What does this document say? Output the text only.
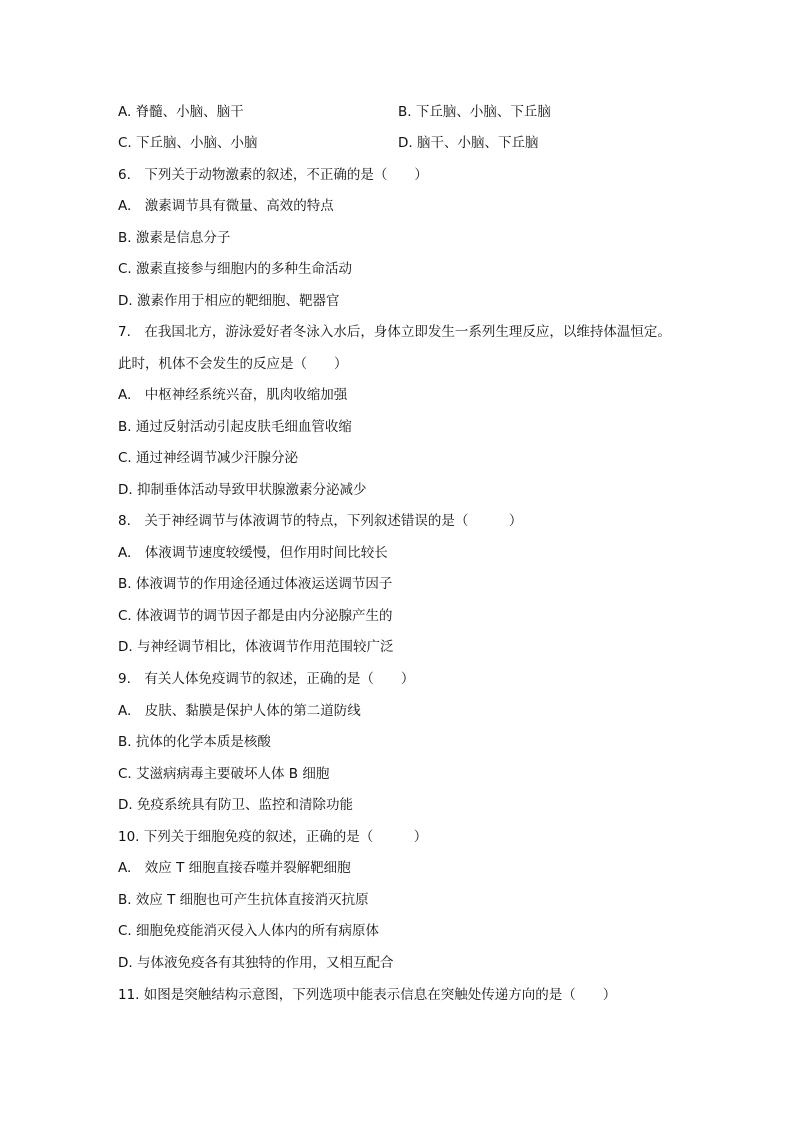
A. 脊髓、小脑、脑干	B. 下丘脑、小脑、下丘脑
C. 下丘脑、小脑、小脑	D. 脑干、小脑、下丘脑
6.　下列关于动物激素的叙述，不正确的是（　　）
A.　激素调节具有微量、高效的特点
B. 激素是信息分子
C. 激素直接参与细胞内的多种生命活动
D. 激素作用于相应的靶细胞、靶器官
7.　在我国北方，游泳爱好者冬泳入水后，身体立即发生一系列生理反应，以维持体温恒定。
此时，机体不会发生的反应是（　　）
A.　中枢神经系统兴奋，肌肉收缩加强
B. 通过反射活动引起皮肤毛细血管收缩
C. 通过神经调节减少汗腺分泌
D. 抑制垂体活动导致甲状腺激素分泌减少
8.　关于神经调节与体液调节的特点，下列叙述错误的是（　　　）
A.　体液调节速度较缓慢，但作用时间比较长
B. 体液调节的作用途径通过体液运送调节因子
C. 体液调节的调节因子都是由内分泌腺产生的
D. 与神经调节相比，体液调节作用范围较广泛
9.　有关人体免疫调节的叙述，正确的是（　　）
A.　皮肤、黏膜是保护人体的第二道防线
B. 抗体的化学本质是核酸
C. 艾滋病病毒主要破坏人体 B 细胞
D. 免疫系统具有防卫、监控和清除功能
10. 下列关于细胞免疫的叙述，正确的是（　　　）
A.　效应 T 细胞直接吞噬并裂解靶细胞
B. 效应 T 细胞也可产生抗体直接消灭抗原
C. 细胞免疫能消灭侵入人体内的所有病原体
D. 与体液免疫各有其独特的作用，又相互配合
11. 如图是突触结构示意图，下列选项中能表示信息在突触处传递方向的是（　　）
